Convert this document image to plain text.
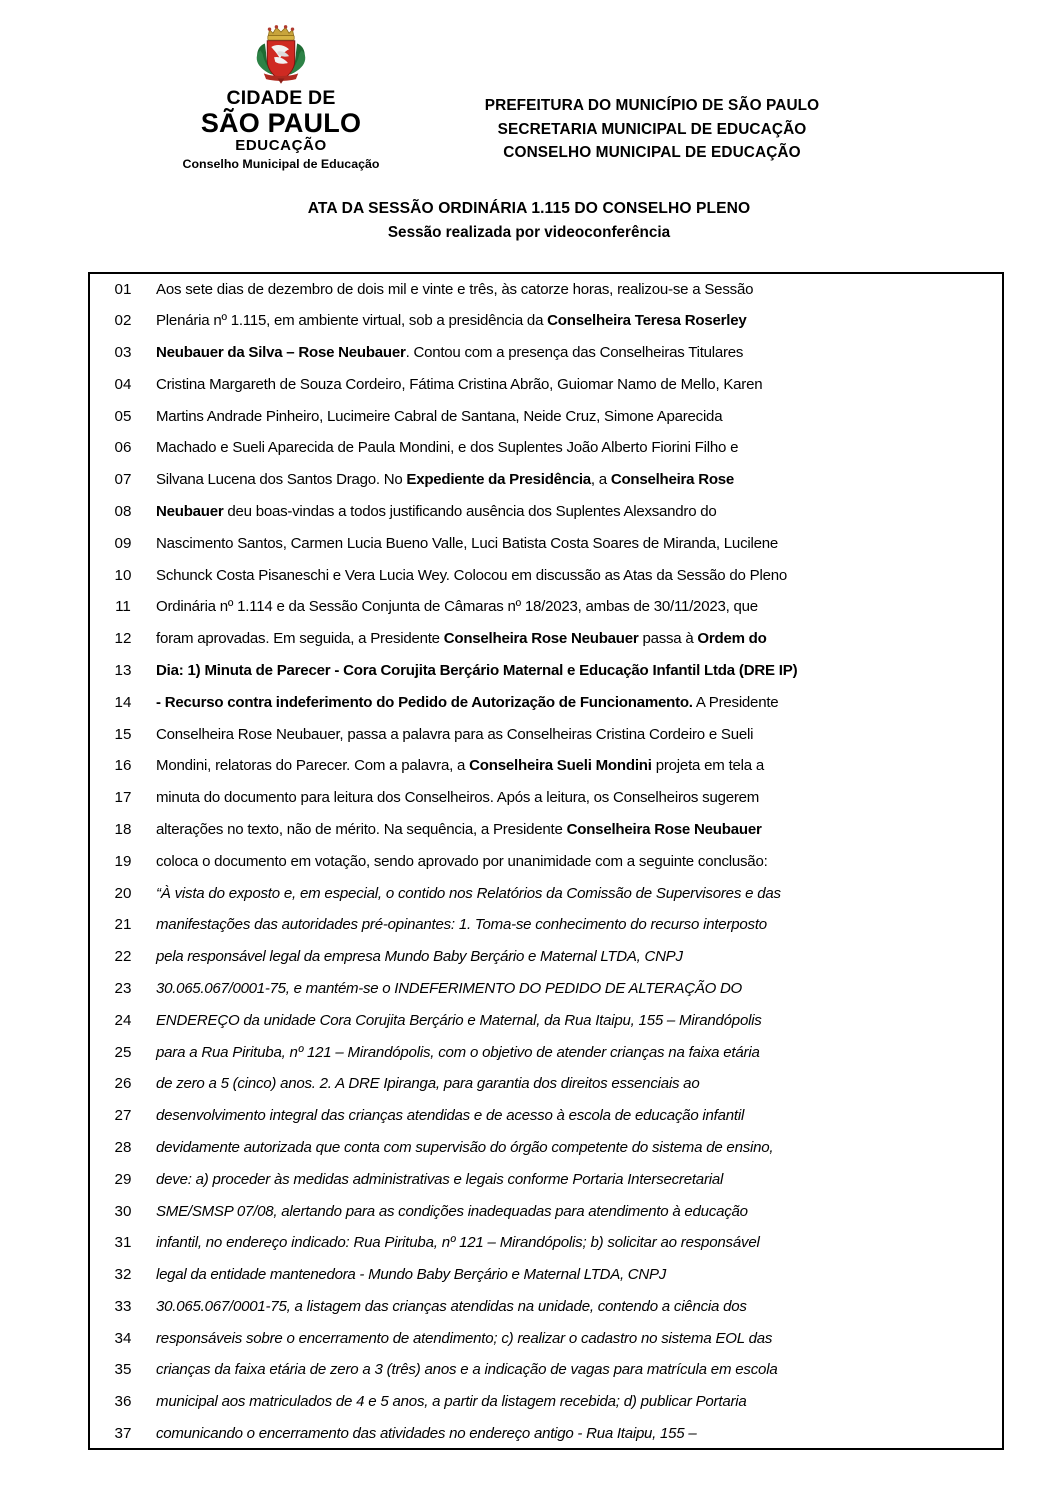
CIDADE DE
SÃO PAULO
EDUCAÇÃO
Conselho Municipal de Educação
PREFEITURA DO MUNICÍPIO DE SÃO PAULO
SECRETARIA MUNICIPAL DE EDUCAÇÃO
CONSELHO MUNICIPAL DE EDUCAÇÃO
ATA DA SESSÃO ORDINÁRIA 1.115 DO CONSELHO PLENO
Sessão realizada por videoconferência
01	Aos sete dias de dezembro de dois mil e vinte e três, às catorze horas, realizou-se a Sessão

02	Plenária nº 1.115, em ambiente virtual, sob a presidência da Conselheira Teresa Roserley

03	Neubauer da Silva – Rose Neubauer. Contou com a presença das Conselheiras Titulares

04	Cristina Margareth de Souza Cordeiro, Fátima Cristina Abrão, Guiomar Namo de Mello, Karen

05	Martins Andrade Pinheiro, Lucimeire Cabral de Santana, Neide Cruz, Simone Aparecida

06	Machado e Sueli Aparecida de Paula Mondini, e dos Suplentes João Alberto Fiorini Filho e

07	Silvana Lucena dos Santos Drago. No Expediente da Presidência, a Conselheira Rose

08	Neubauer deu boas-vindas a todos justificando ausência dos Suplentes Alexsandro do

09	Nascimento Santos, Carmen Lucia Bueno Valle, Luci Batista Costa Soares de Miranda, Lucilene

10	Schunck Costa Pisaneschi e Vera Lucia Wey. Colocou em discussão as Atas da Sessão do Pleno

11	Ordinária nº 1.114 e da Sessão Conjunta de Câmaras nº 18/2023, ambas de 30/11/2023, que

12	foram aprovadas. Em seguida, a Presidente Conselheira Rose Neubauer passa à Ordem do

13	Dia: 1) Minuta de Parecer - Cora Corujita Berçário Maternal e Educação Infantil Ltda (DRE IP)

14	- Recurso contra indeferimento do Pedido de Autorização de Funcionamento. A Presidente

15	Conselheira Rose Neubauer, passa a palavra para as Conselheiras Cristina Cordeiro e Sueli

16	Mondini, relatoras do Parecer. Com a palavra, a Conselheira Sueli Mondini projeta em tela a

17	minuta do documento para leitura dos Conselheiros. Após a leitura, os Conselheiros sugerem

18	alterações no texto, não de mérito. Na sequência, a Presidente Conselheira Rose Neubauer

19	coloca o documento em votação, sendo aprovado por unanimidade com a seguinte conclusão:

20	“À vista do exposto e, em especial, o contido nos Relatórios da Comissão de Supervisores e das

21	manifestações das autoridades pré-opinantes: 1. Toma-se conhecimento do recurso interposto

22	pela responsável legal da empresa Mundo Baby Berçário e Maternal LTDA, CNPJ

23	30.065.067/0001-75, e mantém-se o INDEFERIMENTO DO PEDIDO DE ALTERAÇÃO DO

24	ENDEREÇO da unidade Cora Corujita Berçário e Maternal, da Rua Itaipu, 155 – Mirandópolis

25	para a Rua Pirituba, nº 121 – Mirandópolis, com o objetivo de atender crianças na faixa etária

26	de zero a 5 (cinco) anos. 2. A DRE Ipiranga, para garantia dos direitos essenciais ao

27	desenvolvimento integral das crianças atendidas e de acesso à escola de educação infantil

28	devidamente autorizada que conta com supervisão do órgão competente do sistema de ensino,

29	deve: a) proceder às medidas administrativas e legais conforme Portaria Intersecretarial

30	SME/SMSP 07/08, alertando para as condições inadequadas para atendimento à educação

31	infantil, no endereço indicado: Rua Pirituba, nº 121 – Mirandópolis; b) solicitar ao responsável

32	legal da entidade mantenedora - Mundo Baby Berçário e Maternal LTDA, CNPJ

33	30.065.067/0001-75, a listagem das crianças atendidas na unidade, contendo a ciência dos

34	responsáveis sobre o encerramento de atendimento; c) realizar o cadastro no sistema EOL das

35	crianças da faixa etária de zero a 3 (três) anos e a indicação de vagas para matrícula em escola

36	municipal aos matriculados de 4 e 5 anos, a partir da listagem recebida; d) publicar Portaria

37	comunicando o encerramento das atividades no endereço antigo - Rua Itaipu, 155 –
